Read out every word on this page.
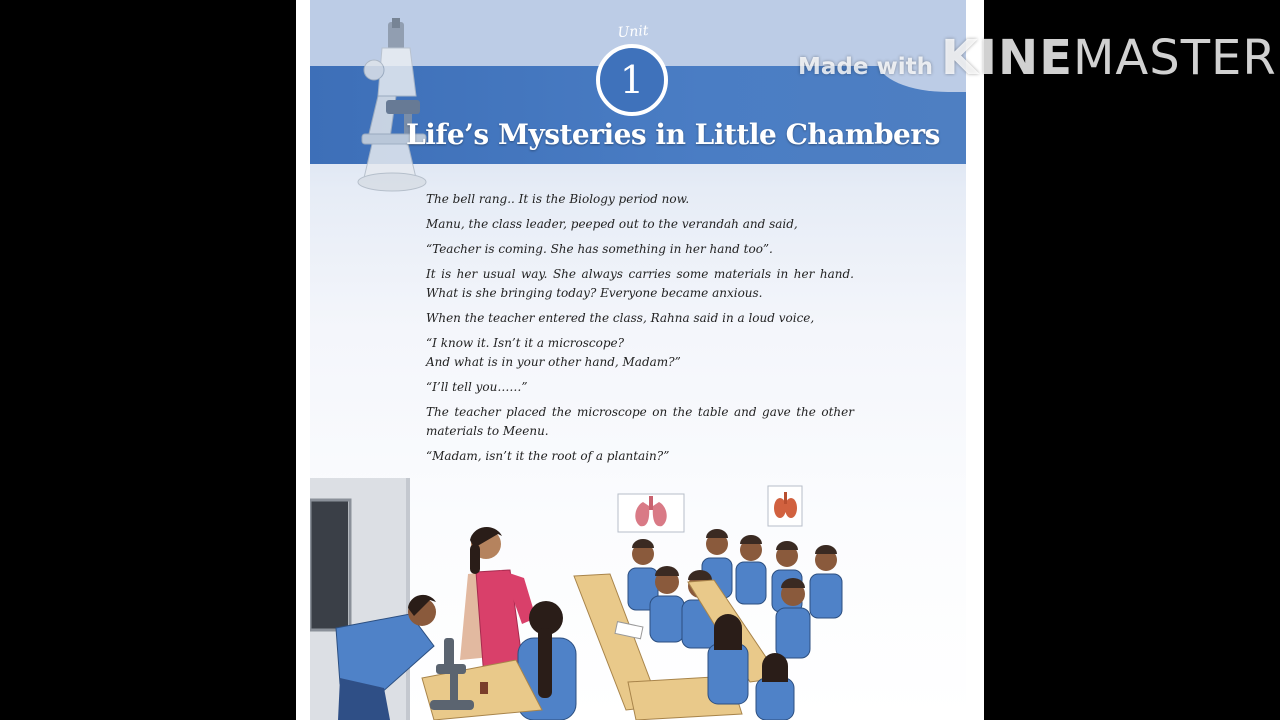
Unit
1
Life’s Mysteries in Little Chambers

The bell rang.. It is the Biology period now.

Manu, the class leader, peeped out to the verandah and said,

“Teacher is coming. She has something in her hand too”.

It is her usual way. She always carries some materials in her hand. What is she bringing today? Everyone became anxious.

When the teacher entered the class, Rahna said in a loud voice,

“I know it. Isn’t it a microscope?

And what is in your other hand, Madam?”

“I’ll tell you……”

The teacher placed the microscope on the table and gave the other materials to Meenu.

“Madam, isn’t it the root of a plantain?”

Made with KINEMASTER
